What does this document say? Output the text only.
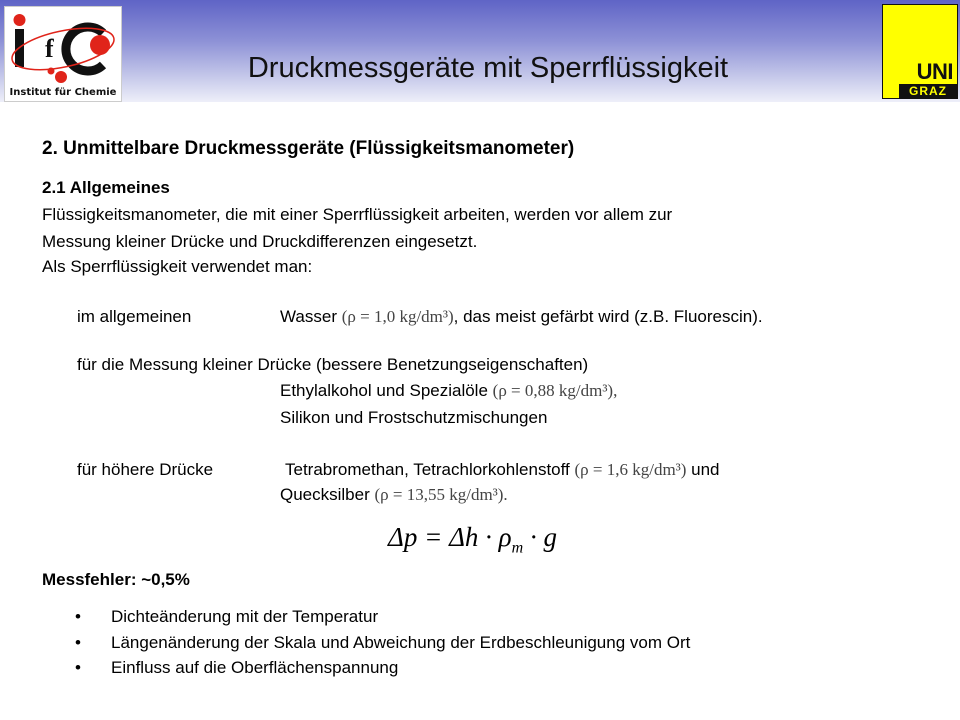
f
Institut für Chemie
Druckmessgeräte mit Sperrflüssigkeit	UNI
GRAZ
2. Unmittelbare Druckmessgeräte (Flüssigkeitsmanometer)
2.1 Allgemeines
Flüssigkeitsmanometer, die mit einer Sperrflüssigkeit arbeiten, werden vor allem zur
Messung kleiner Drücke und Druckdifferenzen eingesetzt.
Als Sperrflüssigkeit verwendet man:
im allgemeinen	Wasser (ρ = 1,0 kg/dm³), das meist gefärbt wird (z.B. Fluorescin).
für die Messung kleiner Drücke (bessere Benetzungseigenschaften)
Ethylalkohol und Spezialöle (ρ = 0,88 kg/dm³),
Silikon und Frostschutzmischungen
für höhere Drücke	Tetrabromethan, Tetrachlorkohlenstoff (ρ = 1,6 kg/dm³) und
Quecksilber (ρ = 13,55 kg/dm³).
$\Delta p = \Delta h \cdot \rho_m \cdot g$
Messfehler: ~0,5%
• Dichteänderung mit der Temperatur
• Längenänderung der Skala und Abweichung der Erdbeschleunigung vom Ort
• Einfluss auf die Oberflächenspannung
